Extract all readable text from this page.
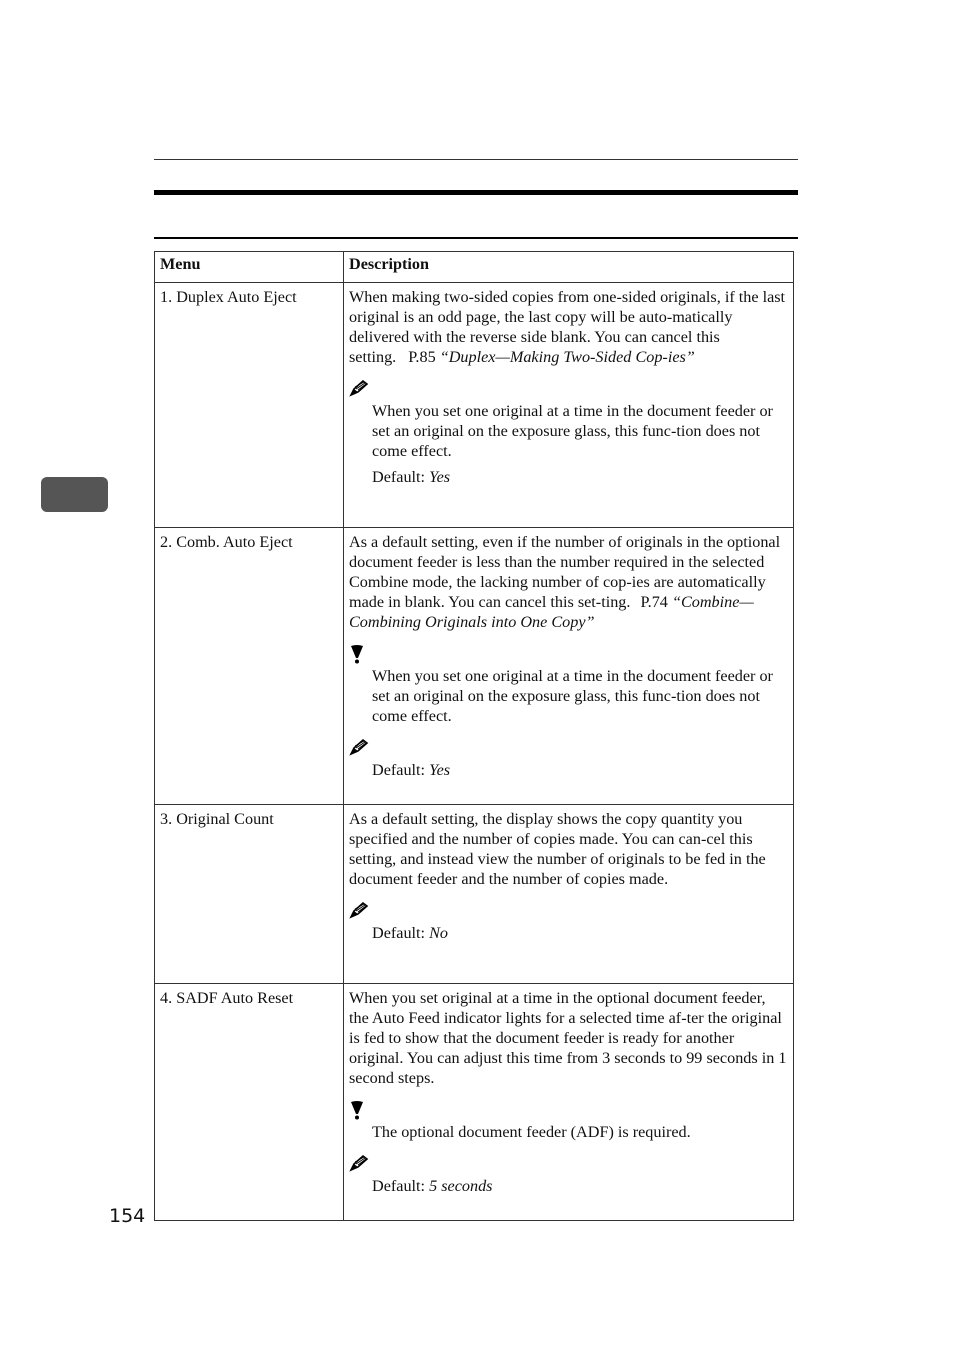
Menu	Description

1. Duplex Auto Eject	When making two-sided copies from one-sided originals, if the last original is an odd page, the last copy will be auto-matically delivered with the reverse side blank. You can cancel this setting. P.85 “Duplex—Making Two-Sided Cop-ies”
When you set one original at a time in the document feeder or set an original on the exposure glass, this func-tion does not come effect.
Default: Yes

2. Comb. Auto Eject	As a default setting, even if the number of originals in the optional document feeder is less than the number required in the selected Combine mode, the lacking number of cop-ies are automatically made in blank. You can cancel this set-ting. P.74 “Combine—Combining Originals into One Copy”
When you set one original at a time in the document feeder or set an original on the exposure glass, this func-tion does not come effect.
Default: Yes

3. Original Count	As a default setting, the display shows the copy quantity you specified and the number of copies made. You can can-cel this setting, and instead view the number of originals to be fed in the document feeder and the number of copies made.
Default: No

4. SADF Auto Reset	When you set original at a time in the optional document feeder, the Auto Feed indicator lights for a selected time af-ter the original is fed to show that the document feeder is ready for another original. You can adjust this time from 3 seconds to 99 seconds in 1 second steps.
The optional document feeder (ADF) is required.
Default: 5 seconds
154
